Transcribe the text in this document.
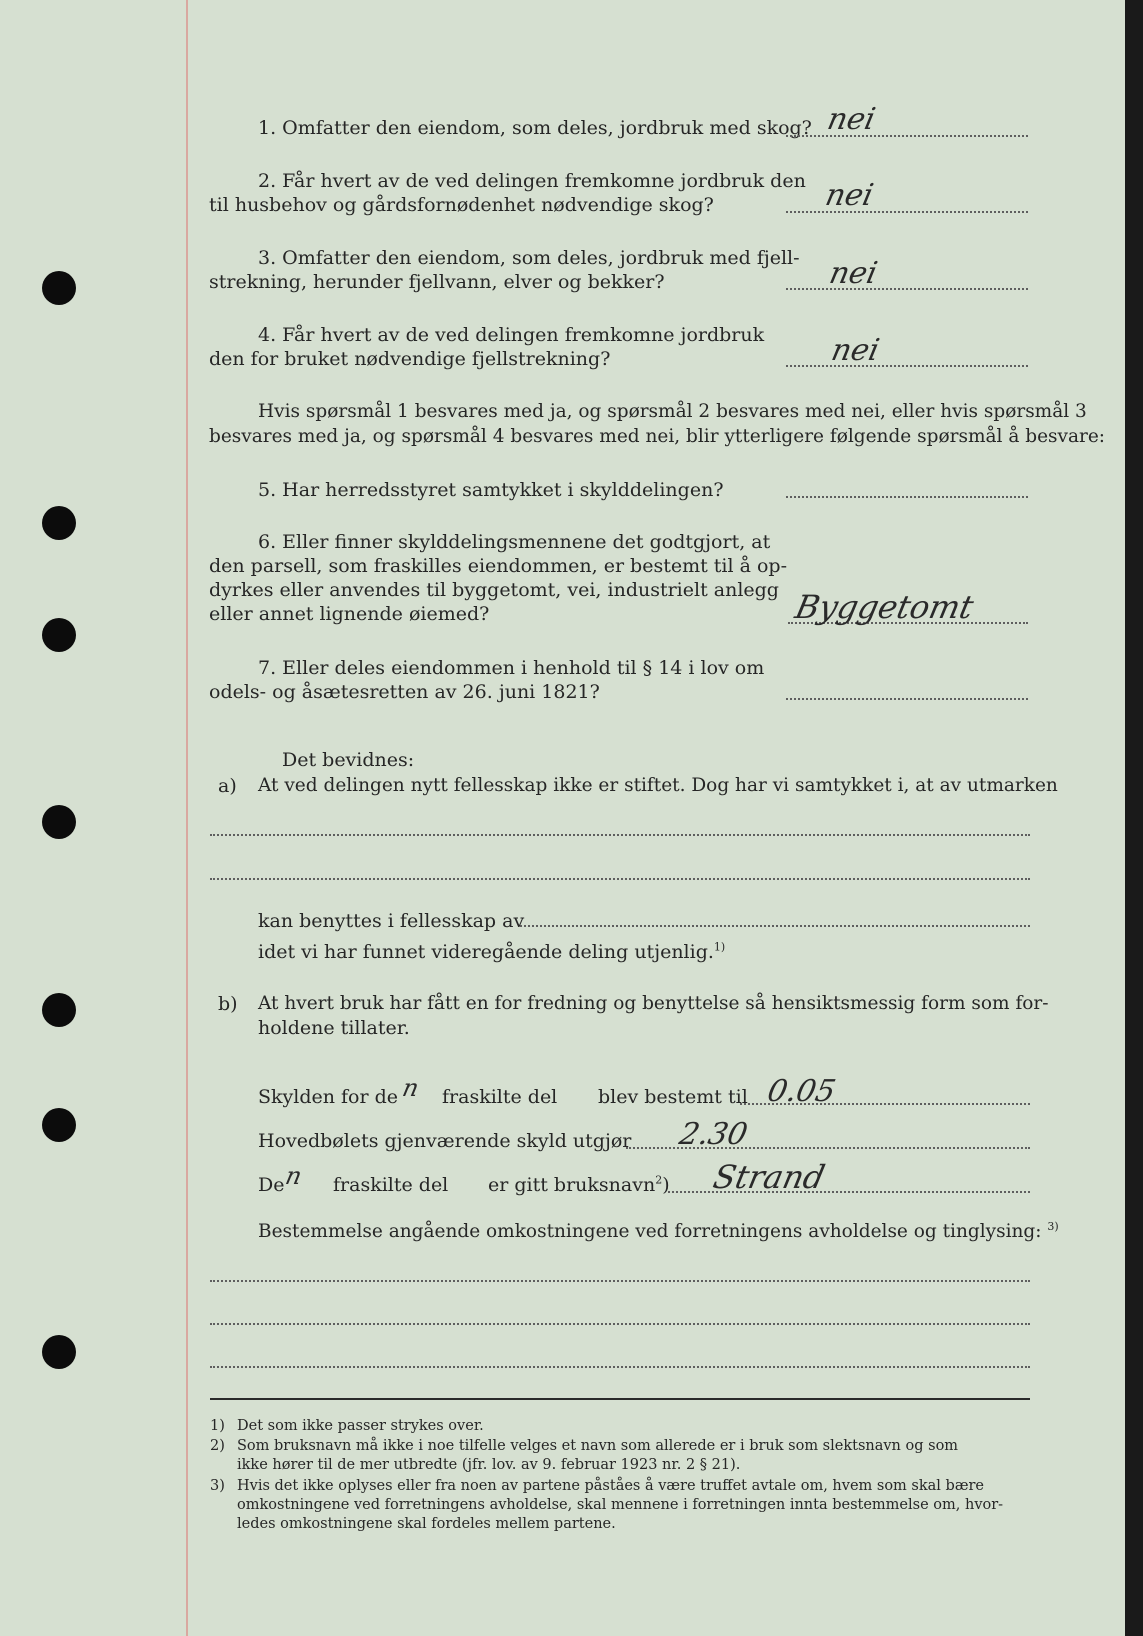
1. Omfatter den eiendom, som deles, jordbruk med skog? nei
2. Får hvert av de ved delingen fremkomne jordbruk den
til husbehov og gårdsfornødenhet nødvendige skog?	nei
3. Omfatter den eiendom, som deles, jordbruk med fjell-
strekning, herunder fjellvann, elver og bekker?	nei
4. Får hvert av de ved delingen fremkomne jordbruk
den for bruket nødvendige fjellstrekning?	nei
Hvis spørsmål 1 besvares med ja, og spørsmål 2 besvares med nei, eller hvis spørsmål 3
besvares med ja, og spørsmål 4 besvares med nei, blir ytterligere følgende spørsmål å besvare:
5. Har herredsstyret samtykket i skylddelingen?
6. Eller finner skylddelingsmennene det godtgjort, at
den parsell, som fraskilles eiendommen, er bestemt til å op-
dyrkes eller anvendes til byggetomt, vei, industrielt anlegg
eller annet lignende øiemed?	Byggetomt
7. Eller deles eiendommen i henhold til § 14 i lov om
odels- og åsætesretten av 26. juni 1821?
Det bevidnes:
a) At ved delingen nytt fellesskap ikke er stiftet. Dog har vi samtykket i, at av utmarken
kan benyttes i fellesskap av
idet vi har funnet videregående deling utjenlig.$^{1)}$
b) At hvert bruk har fått en for fredning og benyttelse så hensiktsmessig form som for-
holdene tillater.
Skylden for de n fraskilte del blev bestemt til 0.05
Hovedbølets gjenværende skyld utgjør 2.30
De
n fraskilte del er gitt bruksnavn$^2$) Strand
Bestemmelse angående omkostningene ved forretningens avholdelse og tinglysing: $^{3)}$
1) Det som ikke passer strykes over.
2) Som bruksnavn må ikke i noe tilfelle velges et navn som allerede er i bruk som slektsnavn og som
ikke hører til de mer utbredte (jfr. lov. av 9. februar 1923 nr. 2 § 21).
3) Hvis det ikke oplyses eller fra noen av partene påståes å være truffet avtale om, hvem som skal bære
omkostningene ved forretningens avholdelse, skal mennene i forretningen innta bestemmelse om, hvor-
ledes omkostningene skal fordeles mellem partene.
